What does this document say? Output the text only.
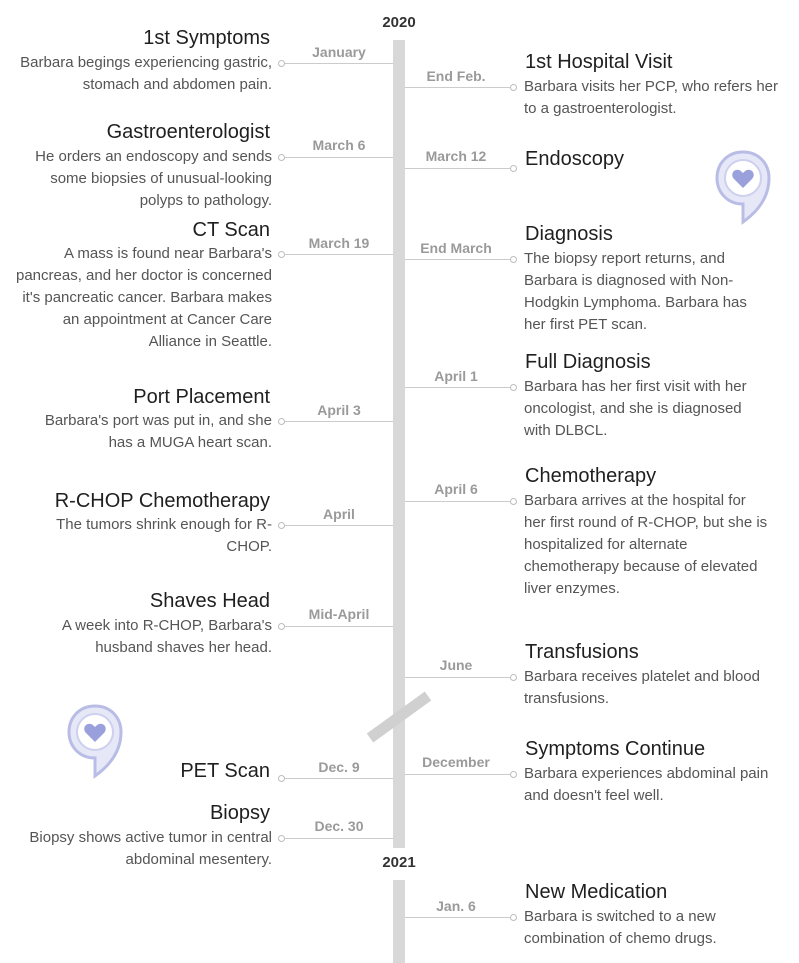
2020
2021
January
1st Symptoms
Barbara begings experiencing gastric, stomach and abdomen pain.	End Feb.
1st Hospital Visit
Barbara visits her PCP, who refers her to a gastroenterologist.
March 6
Gastroenterologist
He orders an endoscopy and sends some biopsies of unusual-looking polyps to pathology.
March 12	Endoscopy
March 19
CT Scan
A mass is found near Barbara's pancreas, and her doctor is concerned it's pancreatic cancer. Barbara makes an appointment at Cancer Care Alliance in Seattle.
End March
Diagnosis
The biopsy report returns, and Barbara is diagnosed with Non-Hodgkin Lymphoma. Barbara has her first PET scan.
April 1
Full Diagnosis
Barbara has her first visit with her oncologist, and she is diagnosed with DLBCL.
April 3
Port Placement
Barbara's port was put in, and she has a MUGA heart scan.
April 6
Chemotherapy
Barbara arrives at the hospital for her first round of R-CHOP, but she is hospitalized for alternate chemotherapy because of elevated liver enzymes.
April
R-CHOP Chemotherapy
The tumors shrink enough for R-CHOP.
Mid-April
Shaves Head
A week into R-CHOP, Barbara's husband shaves her head.
June
Transfusions
Barbara receives platelet and blood transfusions.
December
Symptoms Continue
Barbara experiences abdominal pain and doesn't feel well.
Dec. 9
PET Scan
Dec. 30
Biopsy
Biopsy shows active tumor in central abdominal mesentery.
Jan. 6
New Medication
Barbara is switched to a new combination of chemo drugs.
